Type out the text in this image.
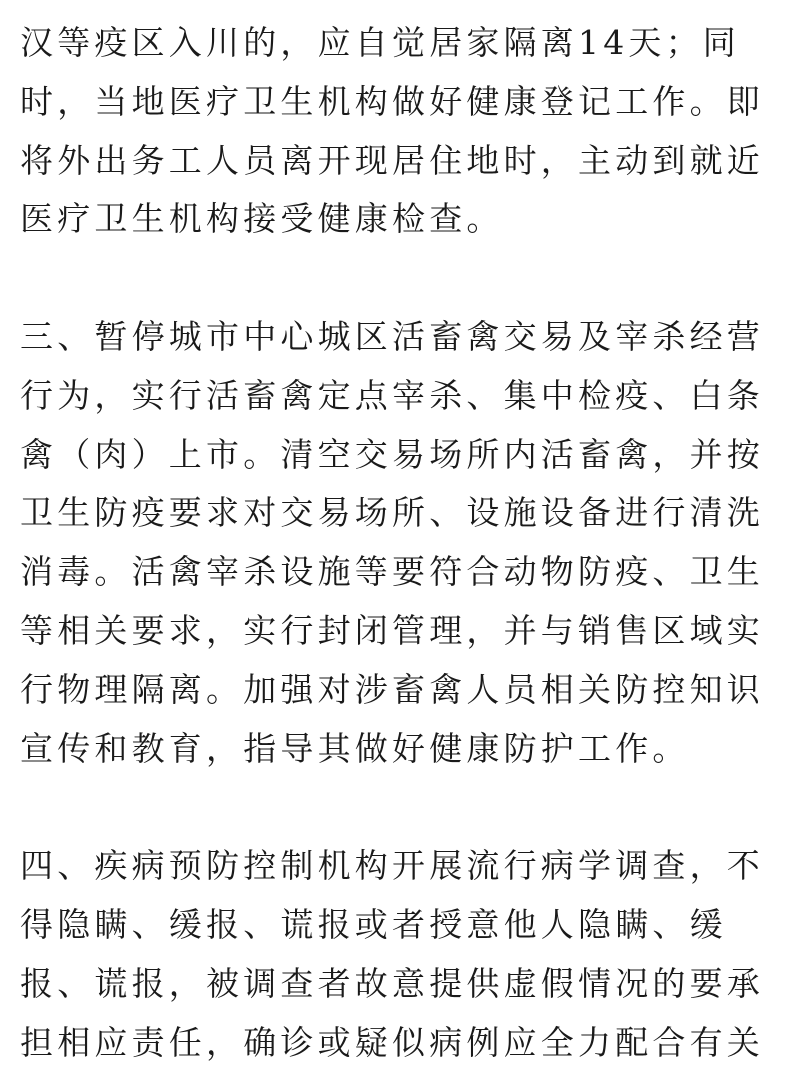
汉等疫区入川的，应自觉居家隔离14天；同
时，当地医疗卫生机构做好健康登记工作。即
将外出务工人员离开现居住地时，主动到就近
医疗卫生机构接受健康检查。
三、暂停城市中心城区活畜禽交易及宰杀经营
行为，实行活畜禽定点宰杀、集中检疫、白条
禽（肉）上市。清空交易场所内活畜禽，并按
卫生防疫要求对交易场所、设施设备进行清洗
消毒。活禽宰杀设施等要符合动物防疫、卫生
等相关要求，实行封闭管理，并与销售区域实
行物理隔离。加强对涉畜禽人员相关防控知识
宣传和教育，指导其做好健康防护工作。
四、疾病预防控制机构开展流行病学调查，不
得隐瞒、缓报、谎报或者授意他人隐瞒、缓
报、谎报，被调查者故意提供虚假情况的要承
担相应责任，确诊或疑似病例应全力配合有关
